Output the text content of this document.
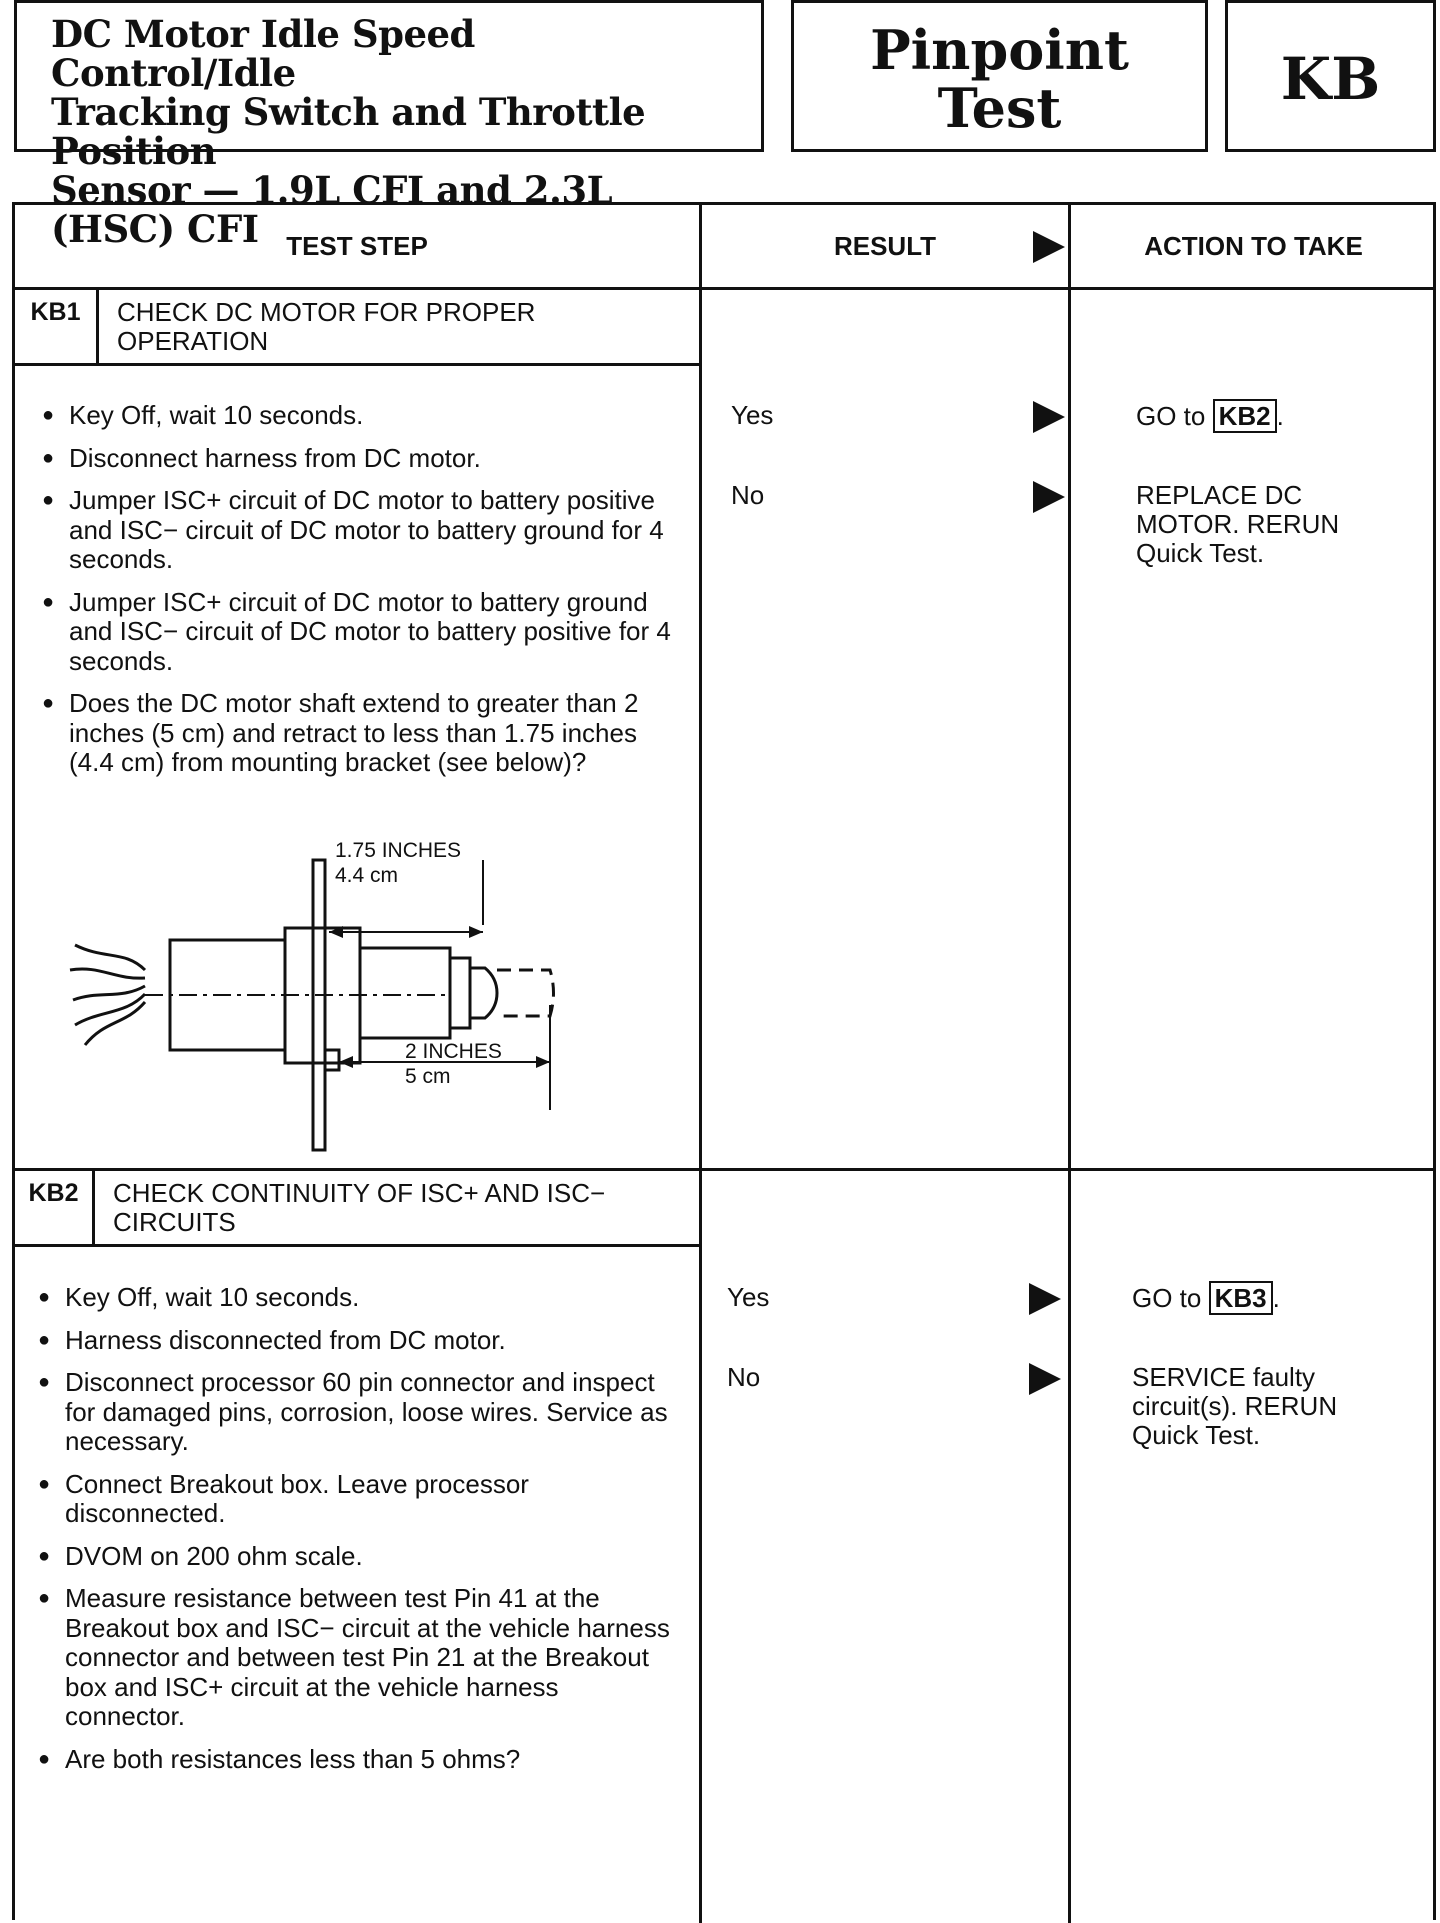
DC Motor Idle Speed Control/Idle
Tracking Switch and Throttle Position
Sensor — 1.9L CFI and 2.3L (HSC) CFI
Pinpoint
Test	KB
TEST STEP	RESULT	ACTION TO TAKE
KB1	CHECK DC MOTOR FOR PROPER OPERATION
● Key Off, wait 10 seconds.
● Disconnect harness from DC motor.
● Jumper ISC+ circuit of DC motor to battery positive and ISC− circuit of DC motor to battery ground for 4 seconds.
● Jumper ISC+ circuit of DC motor to battery ground and ISC− circuit of DC motor to battery positive for 4 seconds.
● Does the DC motor shaft extend to greater than 2 inches (5 cm) and retract to less than 1.75 inches (4.4 cm) from mounting bracket (see below)?
1.75 INCHES
4.4 cm
2 INCHES
5 cm
Yes	GO to KB2 .
No	REPLACE DC MOTOR. RERUN Quick Test.
KB2	CHECK CONTINUITY OF ISC+ AND ISC− CIRCUITS
● Key Off, wait 10 seconds.
● Harness disconnected from DC motor.
● Disconnect processor 60 pin connector and inspect for damaged pins, corrosion, loose wires. Service as necessary.
● Connect Breakout box. Leave processor disconnected.
● DVOM on 200 ohm scale.
● Measure resistance between test Pin 41 at the Breakout box and ISC− circuit at the vehicle harness connector and between test Pin 21 at the Breakout box and ISC+ circuit at the vehicle harness connector.
● Are both resistances less than 5 ohms?
Yes	GO to KB3 .
No	SERVICE faulty circuit(s). RERUN Quick Test.
